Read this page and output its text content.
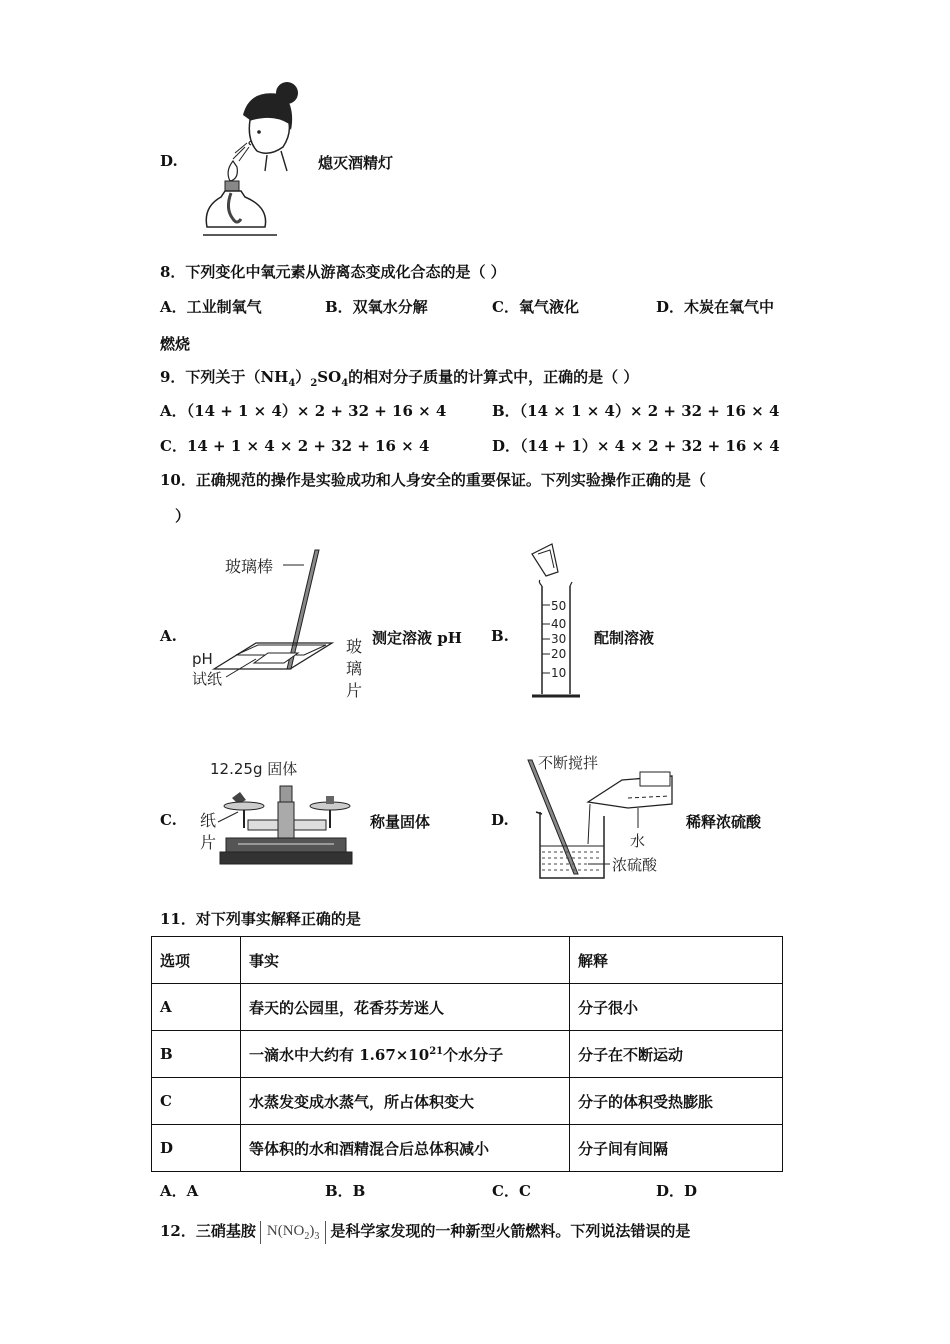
D.	熄灭酒精灯
8．下列变化中氧元素从游离态变成化合态的是（ ）
A．工业制氧气	B．双氧水分解	C．氧气液化	D．木炭在氧气中
燃烧
9．下列关于$(NH_4)_2SO_4$的相对分子质量的计算式中，正确的是（ ）
A．（14 + 1 × 4）× 2 + 32 + 16 × 4	B．（14 × 1 × 4）× 2 + 32 + 16 × 4
C．14 + 1 × 4 × 2 + 32 + 16 × 4	D．（14 + 1）× 4 × 2 + 32 + 16 × 4
10．正确规范的操作是实验成功和人身安全的重要保证。下列实验操作正确的是（
）
A.
玻璃棒
pH
试纸
玻
璃
片
测定溶液 pH B.
50
40
30
20
10
配制溶液
C.
12.25g 固体
纸
片
称量固体	D.
不断搅拌
水
浓硫酸
稀释浓硫酸
11．对下列事实解释正确的是
选项	事实	解释
A	春天的公园里，花香芬芳迷人	分子很小
B	一滴水中大约有 $1.67\times 10^{21}$个水分子	分子在不断运动
C	水蒸发变成水蒸气，所占体积变大	分子的体积受热膨胀
D	等体积的水和酒精混合后总体积减小	分子间有间隔
A．A	B．B	C．C	D．D
12．三硝基胺 $N(NO_2)_3$ 是科学家发现的一种新型火箭燃料。下列说法错误的是
